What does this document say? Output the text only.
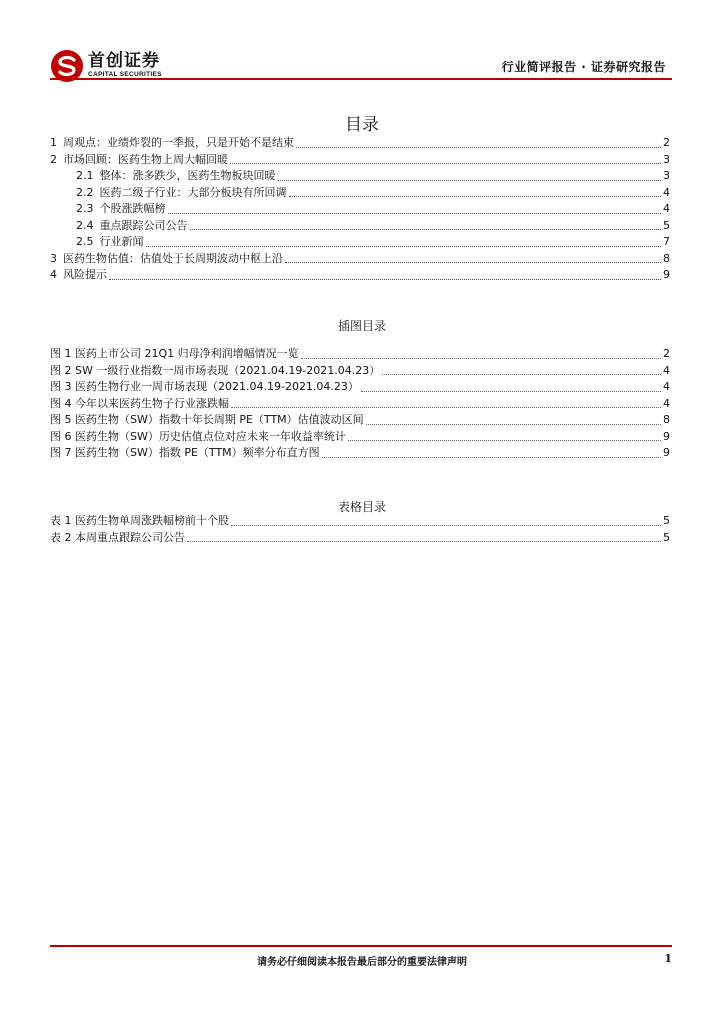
首创证券
CAPITAL SECURITIES
行业简评报告 · 证券研究报告
目录
1 周观点：业绩炸裂的一季报，只是开始不是结束	2
2 市场回顾：医药生物上周大幅回暖	3
2.1 整体：涨多跌少，医药生物板块回暖	3
2.2 医药二级子行业：大部分板块有所回调	4
2.3 个股涨跌幅榜	4
2.4 重点跟踪公司公告	5
2.5 行业新闻	7
3 医药生物估值：估值处于长周期波动中枢上沿	8
4 风险提示	9
插图目录
图 1 医药上市公司 21Q1 归母净利润增幅情况一览	2
图 2 SW 一级行业指数一周市场表现（2021.04.19-2021.04.23）	4
图 3 医药生物行业一周市场表现（2021.04.19-2021.04.23）	4
图 4 今年以来医药生物子行业涨跌幅	4
图 5 医药生物（SW）指数十年长周期 PE（TTM）估值波动区间	8
图 6 医药生物（SW）历史估值点位对应未来一年收益率统计	9
图 7 医药生物（SW）指数 PE（TTM）频率分布直方图	9
表格目录
表 1 医药生物单周涨跌幅榜前十个股	5
表 2 本周重点跟踪公司公告	5
请务必仔细阅读本报告最后部分的重要法律声明	1
